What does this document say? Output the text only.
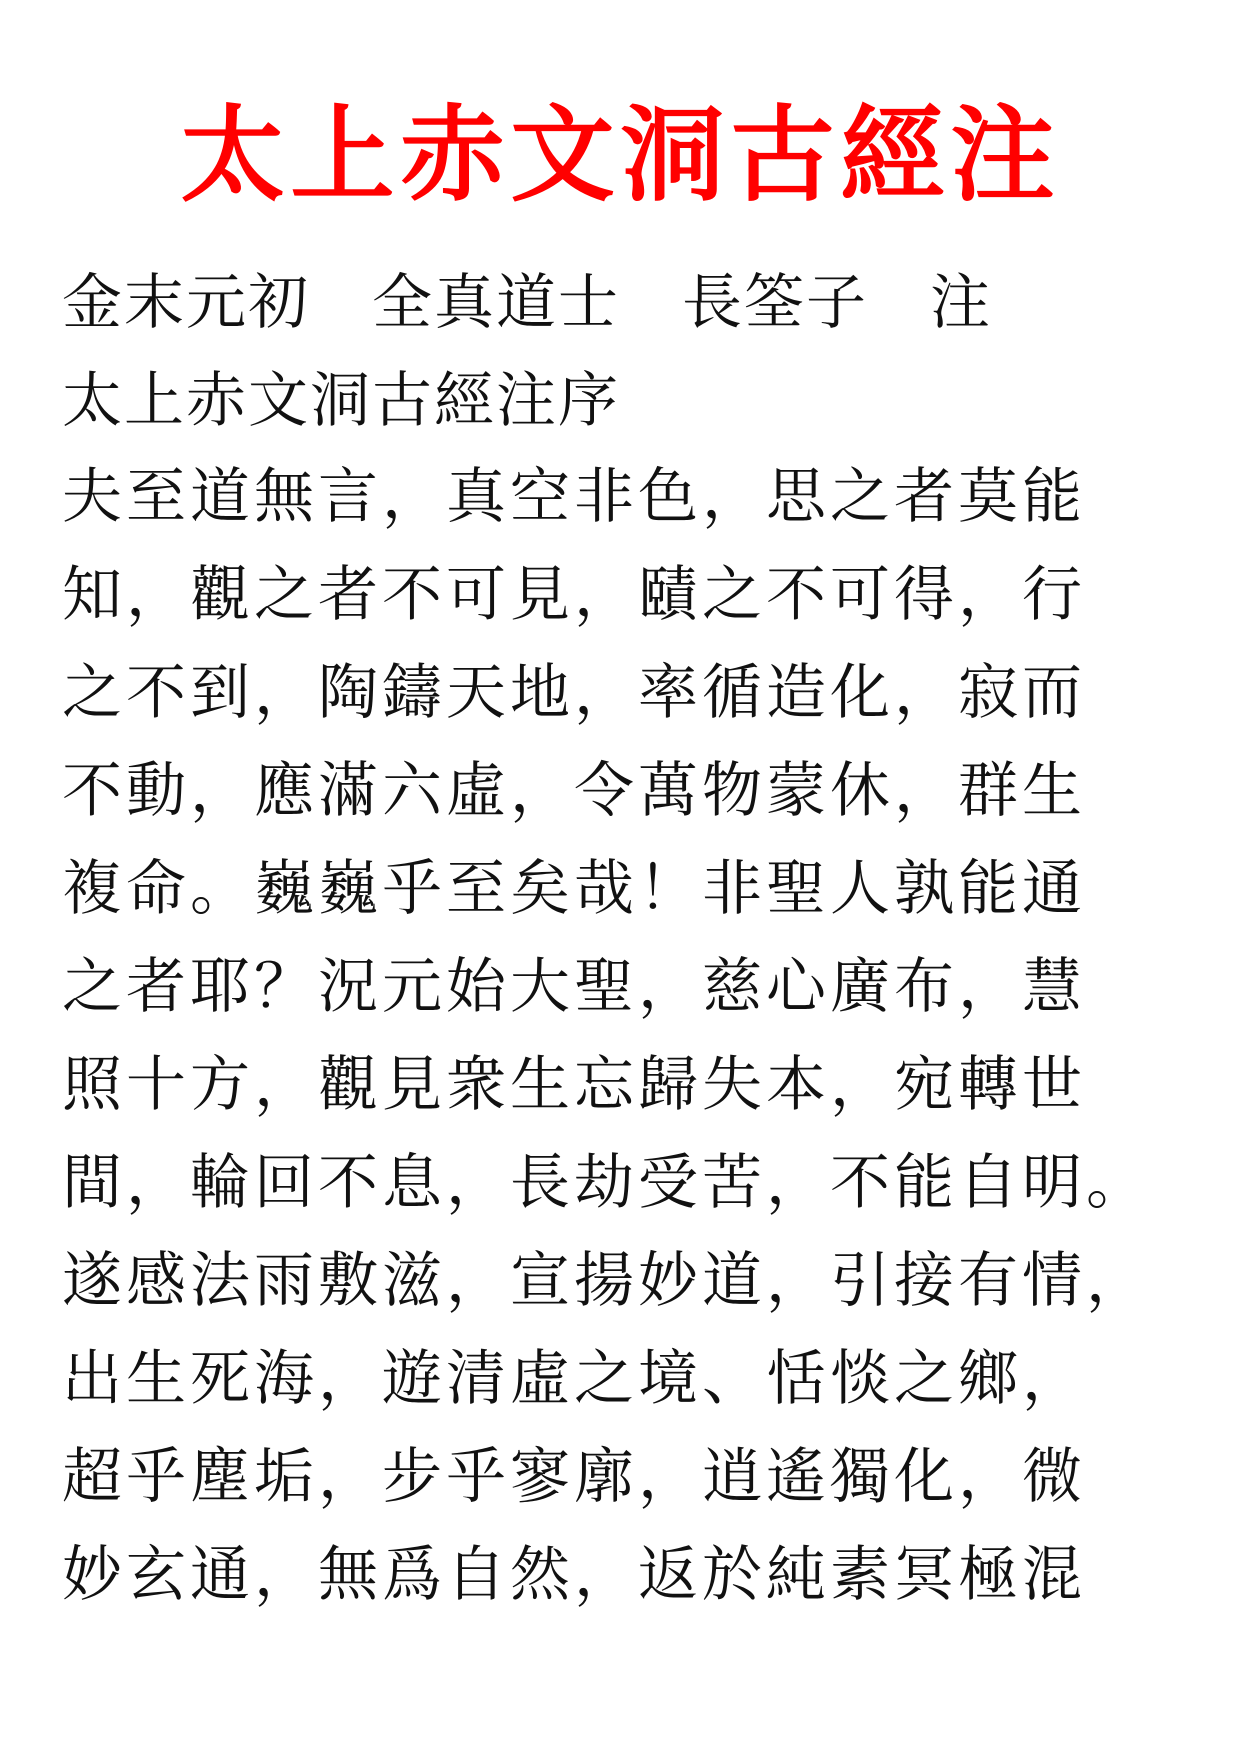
太上赤文洞古經注
金末元初　全真道士　長筌子　注
太上赤文洞古經注序
夫至道無言，真空非色，思之者莫能
知，觀之者不可見，賾之不可得，行
之不到，陶鑄天地，率循造化，寂而
不動，應滿六虛，令萬物蒙休，群生
複命。巍巍乎至矣哉！非聖人孰能通
之者耶？況元始大聖，慈心廣布，慧
照十方，觀見衆生忘歸失本，宛轉世
間，輪回不息，長劫受苦，不能自明。
遂感法雨敷滋，宣揚妙道，引接有情，
出生死海，遊清虛之境、恬惔之鄉，
超乎塵垢，步乎寥廓，逍遙獨化，微
妙玄通，無爲自然，返於純素冥極混
